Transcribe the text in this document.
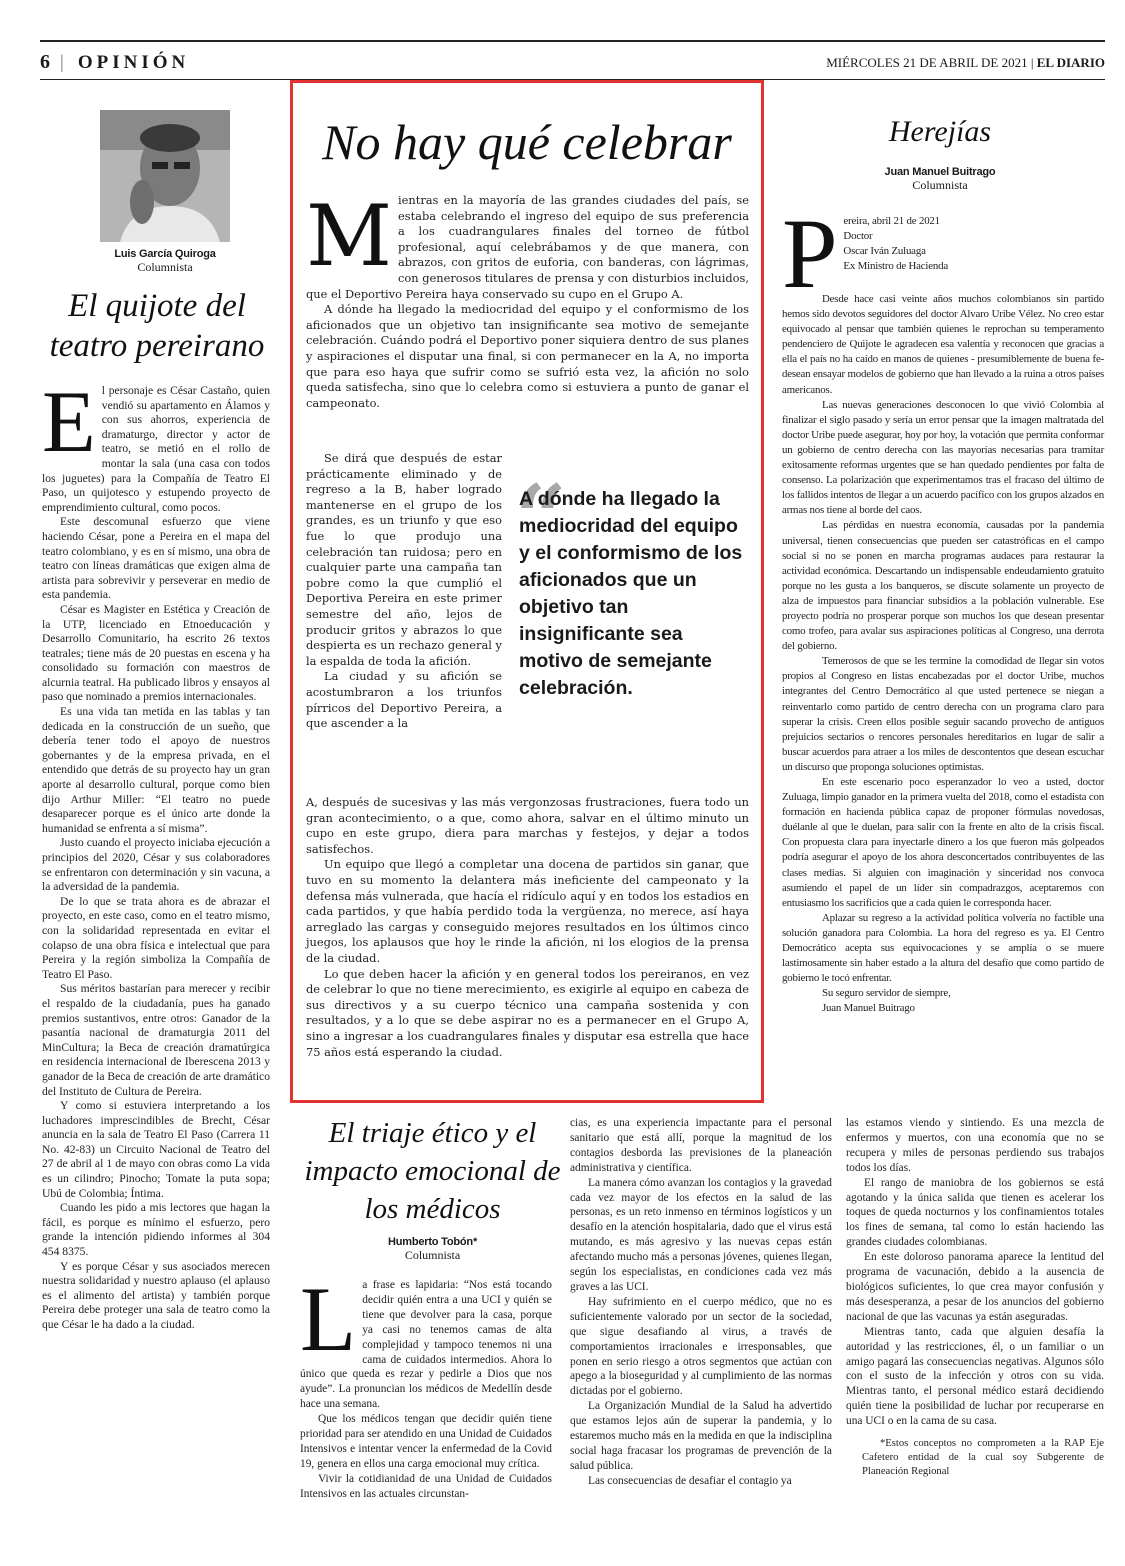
6 | OPINIÓN	MIÉRCOLES 21 DE ABRIL DE 2021 | EL DIARIO
Luis García Quiroga
Columnista
El quijote del teatro pereirano

El personaje es César Castaño, quien vendió su apartamento en Álamos y con sus ahorros, experiencia de dramaturgo, director y actor de teatro, se metió en el rollo de montar la sala (una casa con todos los juguetes) para la Compañía de Teatro El Paso, un quijotesco y estupendo proyecto de emprendimiento cultural, como pocos.

Este descomunal esfuerzo que viene haciendo César, pone a Pereira en el mapa del teatro colombiano, y es en sí mismo, una obra de teatro con líneas dramáticas que exigen alma de artista para sobrevivir y perseverar en medio de esta pandemia.

César es Magister en Estética y Creación de la UTP, licenciado en Etnoeducación y Desarrollo Comunitario, ha escrito 26 textos teatrales; tiene más de 20 puestas en escena y ha consolidado su formación con maestros de alcurnia teatral. Ha publicado libros y ensayos al paso que nominado a premios internacionales.

Es una vida tan metida en las tablas y tan dedicada en la construcción de un sueño, que debería tener todo el apoyo de nuestros gobernantes y de la empresa privada, en el entendido que detrás de su proyecto hay un gran aporte al desarrollo cultural, porque como bien dijo Arthur Miller: “El teatro no puede desaparecer porque es el único arte donde la humanidad se enfrenta a sí misma”.

Justo cuando el proyecto iniciaba ejecución a principios del 2020, César y sus colaboradores se enfrentaron con determinación y sin vacuna, a la adversidad de la pandemia.

De lo que se trata ahora es de abrazar el proyecto, en este caso, como en el teatro mismo, con la solidaridad representada en evitar el colapso de una obra física e intelectual que para Pereira y la región simboliza la Compañía de Teatro El Paso.

Sus méritos bastarían para merecer y recibir el respaldo de la ciudadanía, pues ha ganado premios sustantivos, entre otros: Ganador de la pasantía nacional de dramaturgia 2011 del MinCultura; la Beca de creación dramatúrgica en residencia internacional de Iberescena 2013 y ganador de la Beca de creación de arte dramático del Instituto de Cultura de Pereira.

Y como si estuviera interpretando a los luchadores imprescindibles de Brecht, César anuncia en la sala de Teatro El Paso (Carrera 11 No. 42-83) un Circuito Nacional de Teatro del 27 de abril al 1 de mayo con obras como La vida es un cilindro; Pinocho; Tomate la puta sopa; Ubú de Colombia; Íntima.

Cuando les pido a mis lectores que hagan la fácil, es porque es mínimo el esfuerzo, pero grande la intención pidiendo informes al 304 454 8375.

Y es porque César y sus asociados merecen nuestra solidaridad y nuestro aplauso (el aplauso es el alimento del artista) y también porque Pereira debe proteger una sala de teatro como la que César le ha dado a la ciudad.

No hay qué celebrar

Mientras en la mayoría de las grandes ciudades del país, se estaba celebrando el ingreso del equipo de sus preferencia a los cuadrangulares finales del torneo de fútbol profesional, aquí celebrábamos y de que manera, con abrazos, con gritos de euforia, con banderas, con lágrimas, con generosos titulares de prensa y con disturbios incluidos, que el Deportivo Pereira haya conservado su cupo en el Grupo A.

A dónde ha llegado la mediocridad del equipo y el conformismo de los aficionados que un objetivo tan insignificante sea motivo de semejante celebración. Cuándo podrá el Deportivo poner siquiera dentro de sus planes y aspiraciones el disputar una final, si con permanecer en la A, no importa que para eso haya que sufrir como se sufrió esta vez, la afición no solo queda satisfecha, sino que lo celebra como si estuviera a punto de ganar el campeonato.

Se dirá que después de estar prácticamente eliminado y de regreso a la B, haber logrado mantenerse en el grupo de los grandes, es un triunfo y que eso fue lo que produjo una celebración tan ruidosa; pero en cualquier parte una campaña tan pobre como la que cumplió el Deportiva Pereira en este primer semestre del año, lejos de producir gritos y abrazos lo que despierta es un rechazo general y la espalda de toda la afición.

La ciudad y su afición se acostumbraron a los triunfos pírricos del Deportivo Pereira, a que ascender a la

“
A dónde ha llegado la mediocridad del equipo y el conformismo de los aficionados que un objetivo tan insignificante sea motivo de semejante celebración.

A, después de sucesivas y las más vergonzosas frustraciones, fuera todo un gran acontecimiento, o a que, como ahora, salvar en el último minuto un cupo en este grupo, diera para marchas y festejos, y dejar a todos satisfechos.

Un equipo que llegó a completar una docena de partidos sin ganar, que tuvo en su momento la delantera más ineficiente del campeonato y la defensa más vulnerada, que hacía el ridículo aquí y en todos los estadios en cada partidos, y que había perdido toda la vergüenza, no merece, así haya arreglado las cargas y conseguido mejores resultados en los últimos cinco juegos, los aplausos que hoy le rinde la afición, ni los elogios de la prensa de la ciudad.

Lo que deben hacer la afición y en general todos los pereiranos, en vez de celebrar lo que no tiene merecimiento, es exigirle al equipo en cabeza de sus directivos y a su cuerpo técnico una campaña sostenida y con resultados, y a lo que se debe aspirar no es a permanecer en el Grupo A, sino a ingresar a los cuadrangulares finales y disputar esa estrella que hace 75 años está esperando la ciudad.

Herejías
Juan Manuel Buitrago
Columnista
P ereira, abril 21 de 2021
Doctor
Oscar Iván Zuluaga
Ex Ministro de Hacienda

Desde hace casi veinte años muchos colombianos sin partido hemos sido devotos seguidores del doctor Alvaro Uribe Vélez. No creo estar equivocado al pensar que también quienes le reprochan su temperamento pendenciero de Quijote le agradecen esa valentía y reconocen que gracias a ella el país no ha caído en manos de quienes - presumiblemente de buena fe- desean ensayar modelos de gobierno que han llevado a la ruina a otros países americanos.

Las nuevas generaciones desconocen lo que vivió Colombia al finalizar el siglo pasado y sería un error pensar que la imagen maltratada del doctor Uribe puede asegurar, hoy por hoy, la votación que permita conformar un gobierno de centro derecha con las mayorías necesarias para tramitar exitosamente reformas urgentes que se han quedado pendientes por falta de consenso. La polarización que experimentamos tras el fracaso del último de los fallidos intentos de llegar a un acuerdo pacífico con los grupos alzados en armas nos tiene al borde del caos.

Las pérdidas en nuestra economía, causadas por la pandemia universal, tienen consecuencias que pueden ser catastróficas en el campo social si no se ponen en marcha programas audaces para restaurar la actividad económica. Descartando un indispensable endeudamiento gratuito porque no les gusta a los banqueros, se discute solamente un proyecto de alza de impuestos para financiar subsidios a la población vulnerable. Ese proyecto podría no prosperar porque son muchos los que desean presentar como trofeo, para avalar sus aspiraciones políticas al Congreso, una derrota del gobierno.

Temerosos de que se les termine la comodidad de llegar sin votos propios al Congreso en listas encabezadas por el doctor Uribe, muchos integrantes del Centro Democrático al que usted pertenece se niegan a reinventarlo como partido de centro derecha con un programa claro para superar la crisis. Creen ellos posible seguir sacando provecho de antiguos prejuicios sectarios o rencores personales hereditarios en lugar de salir a buscar acuerdos para atraer a los miles de descontentos que desean escuchar un discurso que proponga soluciones optimistas.

En este escenario poco esperanzador lo veo a usted, doctor Zuluaga, limpio ganador en la primera vuelta del 2018, como el estadista con formación en hacienda pública capaz de proponer fórmulas novedosas, duélanle al que le duelan, para salir con la frente en alto de la crisis fiscal. Con propuesta clara para inyectarle dinero a los que fueron más golpeados podría asegurar el apoyo de los ahora desconcertados contribuyentes de las clases medias. Si alguien con imaginación y sinceridad nos convoca asumiendo el papel de un líder sin compadrazgos, aceptaremos con entusiasmo los sacrificios que a cada quien le corresponda hacer.

Aplazar su regreso a la actividad política volvería no factible una solución ganadora para Colombia. La hora del regreso es ya. El Centro Democrático acepta sus equivocaciones y se amplía o se muere lastimosamente sin haber estado a la altura del desafío que como partido de gobierno le tocó enfrentar.

Su seguro servidor de siempre,

Juan Manuel Buitrago

El triaje ético y el impacto emocional de los médicos
Humberto Tobón*
Columnista

La frase es lapidaria: “Nos está tocando decidir quién entra a una UCI y quién se tiene que devolver para la casa, porque ya casi no tenemos camas de alta complejidad y tampoco tenemos ni una cama de cuidados intermedios. Ahora lo único que queda es rezar y pedirle a Dios que nos ayude”. La pronuncian los médicos de Medellín desde hace una semana.

Que los médicos tengan que decidir quién tiene prioridad para ser atendido en una Unidad de Cuidados Intensivos e intentar vencer la enfermedad de la Covid 19, genera en ellos una carga emocional muy crítica.

Vivir la cotidianidad de una Unidad de Cuidados Intensivos en las actuales circunstan-

cias, es una experiencia impactante para el personal sanitario que está allí, porque la magnitud de los contagios desborda las previsiones de la planeación administrativa y científica.

La manera cómo avanzan los contagios y la gravedad cada vez mayor de los efectos en la salud de las personas, es un reto inmenso en términos logísticos y un desafío en la atención hospitalaria, dado que el virus está mutando, es más agresivo y las nuevas cepas están afectando mucho más a personas jóvenes, quienes llegan, según los especialistas, en condiciones cada vez más graves a las UCI.

Hay sufrimiento en el cuerpo médico, que no es suficientemente valorado por un sector de la sociedad, que sigue desafiando al virus, a través de comportamientos irracionales e irresponsables, que ponen en serio riesgo a otros segmentos que actúan con apego a la bioseguridad y al cumplimiento de las normas dictadas por el gobierno.

La Organización Mundial de la Salud ha advertido que estamos lejos aún de superar la pandemia, y lo estaremos mucho más en la medida en que la indisciplina social haga fracasar los programas de prevención de la salud pública.

Las consecuencias de desafiar el contagio ya

las estamos viendo y sintiendo. Es una mezcla de enfermos y muertos, con una economía que no se recupera y miles de personas perdiendo sus trabajos todos los días.

El rango de maniobra de los gobiernos se está agotando y la única salida que tienen es acelerar los toques de queda nocturnos y los confinamientos totales los fines de semana, tal como lo están haciendo las grandes ciudades colombianas.

En este doloroso panorama aparece la lentitud del programa de vacunación, debido a la ausencia de biológicos suficientes, lo que crea mayor confusión y más desesperanza, a pesar de los anuncios del gobierno nacional de que las vacunas ya están aseguradas.

Mientras tanto, cada que alguien desafía la autoridad y las restricciones, él, o un familiar o un amigo pagará las consecuencias negativas. Algunos sólo con el susto de la infección y otros con su vida. Mientras tanto, el personal médico estará decidiendo quién tiene la posibilidad de luchar por recuperarse en una UCI o en la cama de su casa.

*Estos conceptos no comprometen a la RAP Eje Cafetero entidad de la cual soy Subgerente de Planeación Regional
